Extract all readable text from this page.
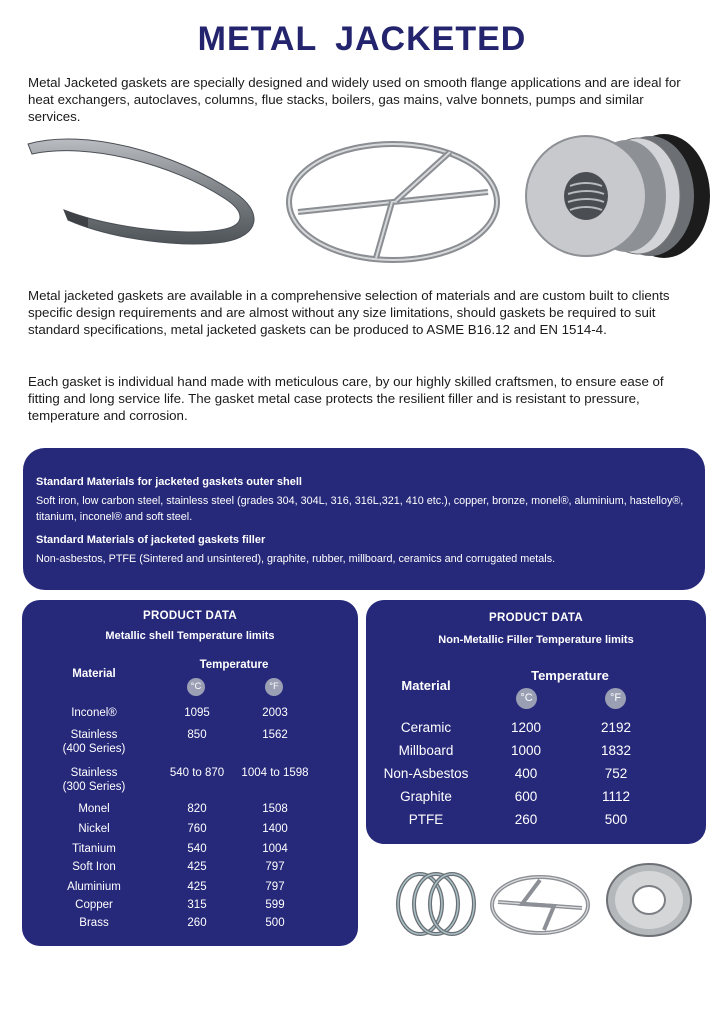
METAL JACKETED
Metal Jacketed gaskets are specially designed and widely used on smooth flange applications and are ideal for heat exchangers, autoclaves, columns, flue stacks, boilers, gas mains, valve bonnets, pumps and similar services.
Metal jacketed gaskets are available in a comprehensive selection of materials and are custom built to clients specific design requirements and are almost without any size limitations, should gaskets be required to suit standard specifications, metal jacketed gaskets can be produced to ASME B16.12 and EN 1514-4.
Each gasket is individual hand made with meticulous care, by our highly skilled craftsmen, to ensure ease of fitting and long service life. The gasket metal case protects the resilient filler and is resistant to pressure, temperature and corrosion.
Standard Materials for jacketed gaskets outer shell
Soft iron, low carbon steel, stainless steel (grades 304, 304L, 316, 316L,321, 410 etc.), copper, bronze, monel®, aluminium, hastelloy®, titanium, inconel® and soft steel.
Standard Materials of jacketed gaskets filler
Non-asbestos, PTFE (Sintered and unsintered), graphite, rubber, millboard, ceramics and corrugated metals.
PRODUCT DATA
Metallic shell Temperature limits
Material
Temperature
°C	°F
Inconel®	1095	2003
Stainless
(400 Series)
850	1562
Stainless
(300 Series)
540 to 870	1004 to 1598
Monel	820	1508
Nickel	760	1400
Titanium	540	1004
Soft Iron	425	797
Aluminium	425	797
Copper	315	599
Brass	260	500
PRODUCT DATA
Non-Metallic Filler Temperature limits
Material
Temperature
°C	°F
Ceramic	1200	2192
Millboard	1000	1832
Non-Asbestos	400	752
Graphite	600	1112
PTFE	260	500
